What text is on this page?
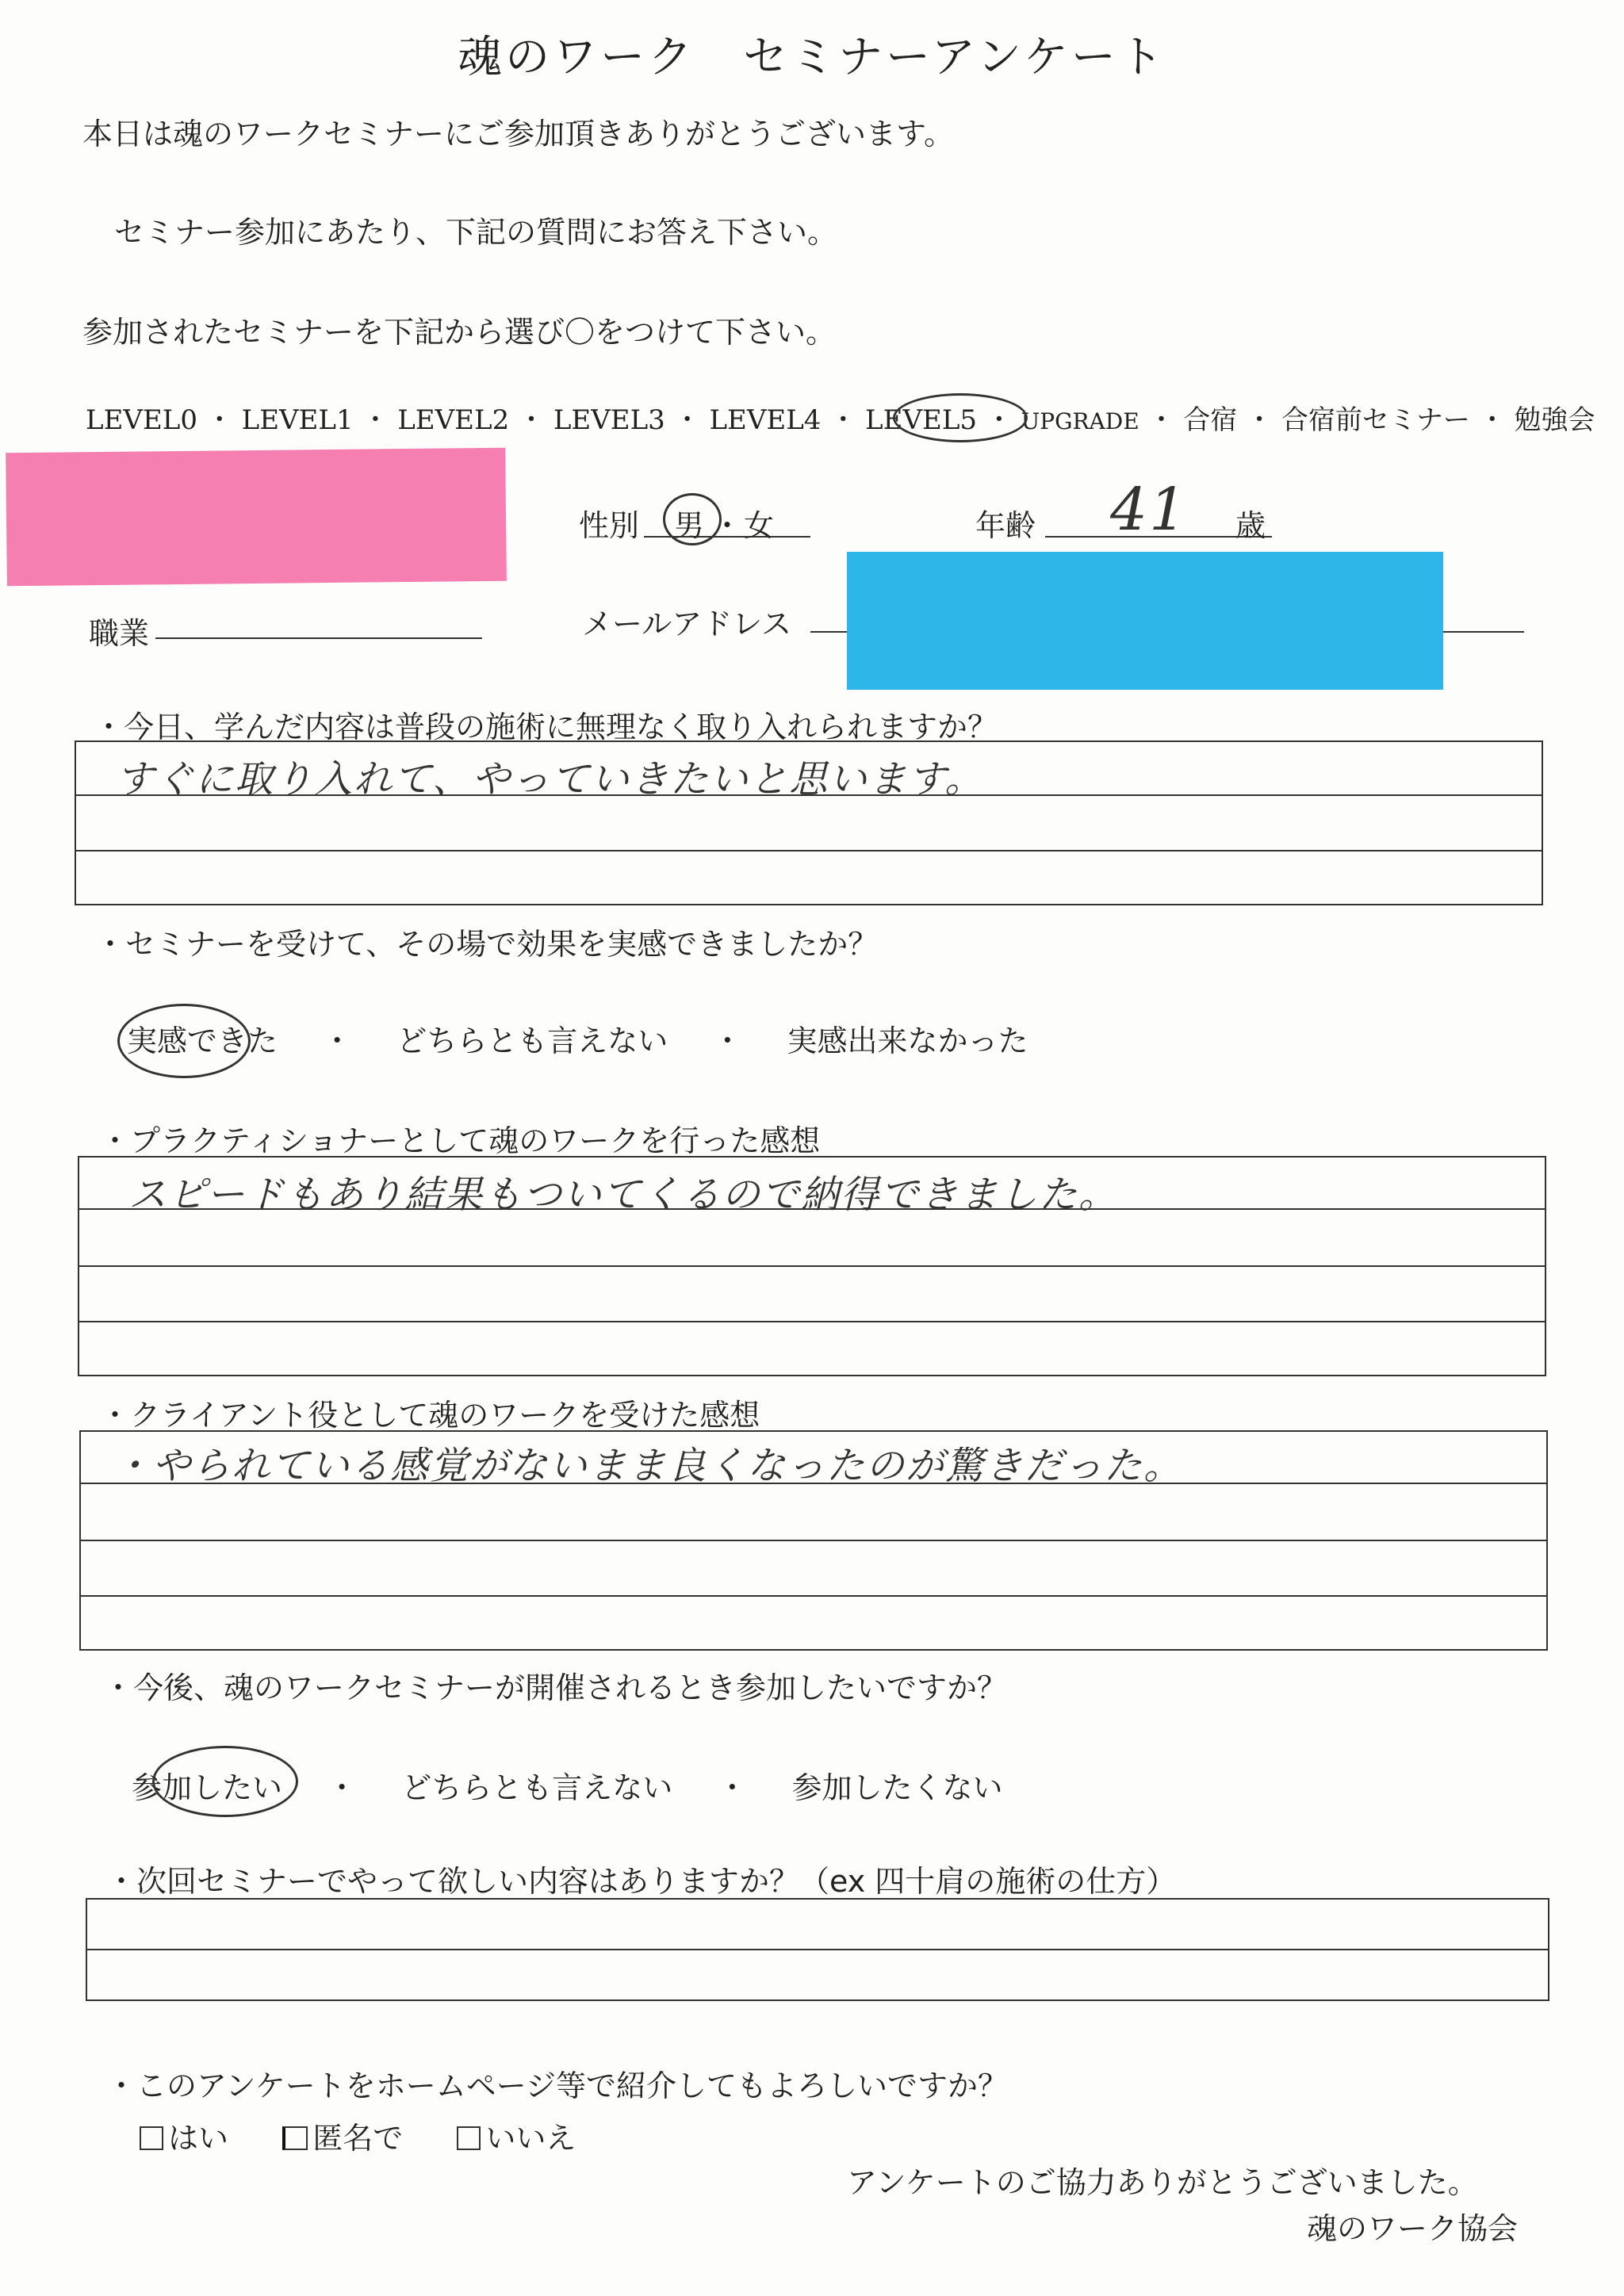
魂のワーク　セミナーアンケート
本日は魂のワークセミナーにご参加頂きありがとうございます。
セミナー参加にあたり、下記の質問にお答え下さい。
参加されたセミナーを下記から選び〇をつけて下さい。
LEVEL0 ・ LEVEL1 ・ LEVEL2 ・ LEVEL3 ・ LEVEL4 ・ LEVEL5 ・ UPGRADE ・ 合宿 ・ 合宿前セミナー ・ 勉強会
性別 男 ・ 女	年齢 41 歳
職業	メールアドレス
・今日、学んだ内容は普段の施術に無理なく取り入れられますか？
すぐに取り入れて、やっていきたいと思います。
・セミナーを受けて、その場で効果を実感できましたか？
実感できた ・ どちらとも言えない ・ 実感出来なかった
・プラクティショナーとして魂のワークを行った感想
スピードもあり結果もついてくるので納得できました。
・クライアント役として魂のワークを受けた感想
・やられている感覚がないまま良くなったのが驚きだった。
・今後、魂のワークセミナーが開催されるとき参加したいですか？
参加したい ・ どちらとも言えない ・ 参加したくない
・次回セミナーでやって欲しい内容はありますか？（ex 四十肩の施術の仕方）
・このアンケートをホームページ等で紹介してもよろしいですか？
はい	匿名で	いいえ
アンケートのご協力ありがとうございました。
魂のワーク協会
